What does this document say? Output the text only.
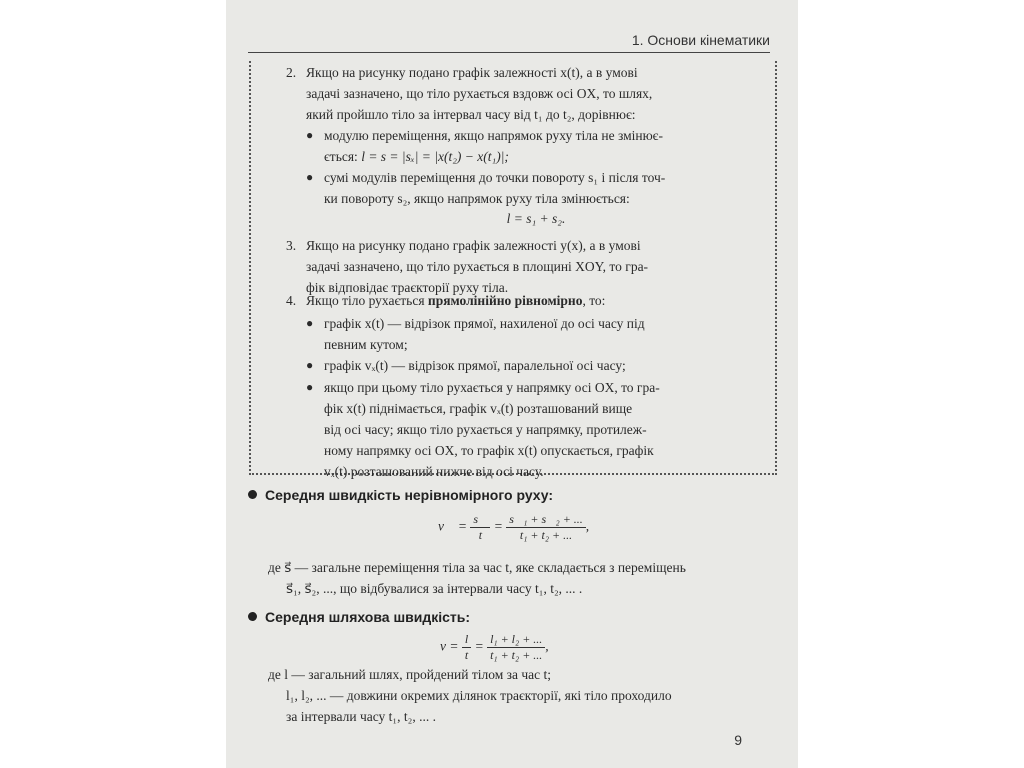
1. Основи кінематики
2. Якщо на рисунку подано графік залежності x(t), а в умові
задачі зазначено, що тіло рухається вздовж осі OX, то шлях,
який пройшло тіло за інтервал часу від t₁ до t₂, дорівнює:
● модулю переміщення, якщо напрямок руху тіла не змінює-
ється: l = s = |sₓ| = |x(t₂) − x(t₁)|;
● сумі модулів переміщення до точки повороту s₁ і після точ-
ки повороту s₂, якщо напрямок руху тіла змінюється:
l = s₁ + s₂.
3. Якщо на рисунку подано графік залежності y(x), а в умові
задачі зазначено, що тіло рухається в площині XOY, то гра-
фік відповідає траєкторії руху тіла.
4. Якщо тіло рухається прямолінійно рівномірно, то:
● графік x(t) — відрізок прямої, нахиленої до осі часу під
певним кутом;
● графік vₓ(t) — відрізок прямої, паралельної осі часу;
● якщо при цьому тіло рухається у напрямку осі OX, то гра-
фік x(t) піднімається, графік vₓ(t) розташований вище
від осі часу; якщо тіло рухається у напрямку, протилеж-
ному напрямку осі OX, то графік x(t) опускається, графік
vₓ(t) розташований нижче від осі часу.
Середня швидкість нерівномірного руху:
v⃗ = $\frac{s⃗}{t} = \frac{\text{s⃗₁ + s⃗₂ + ...}}{\text{t₁ + t₂ + ...}}$ ,
де s⃗ — загальне переміщення тіла за час t, яке складається з переміщень
s⃗₁, s⃗₂, ..., що відбувалися за інтервали часу t₁, t₂, ... .
Середня шляхова швидкість:
$v = \frac{l}{t} = \frac{\text{l₁ + l₂ + ...}}{\text{t₁ + t₂ + ...}}$ ,
де l — загальний шлях, пройдений тілом за час t;
l₁, l₂, ... — довжини окремих ділянок траєкторії, які тіло проходило
за інтервали часу t₁, t₂, ... .
9
